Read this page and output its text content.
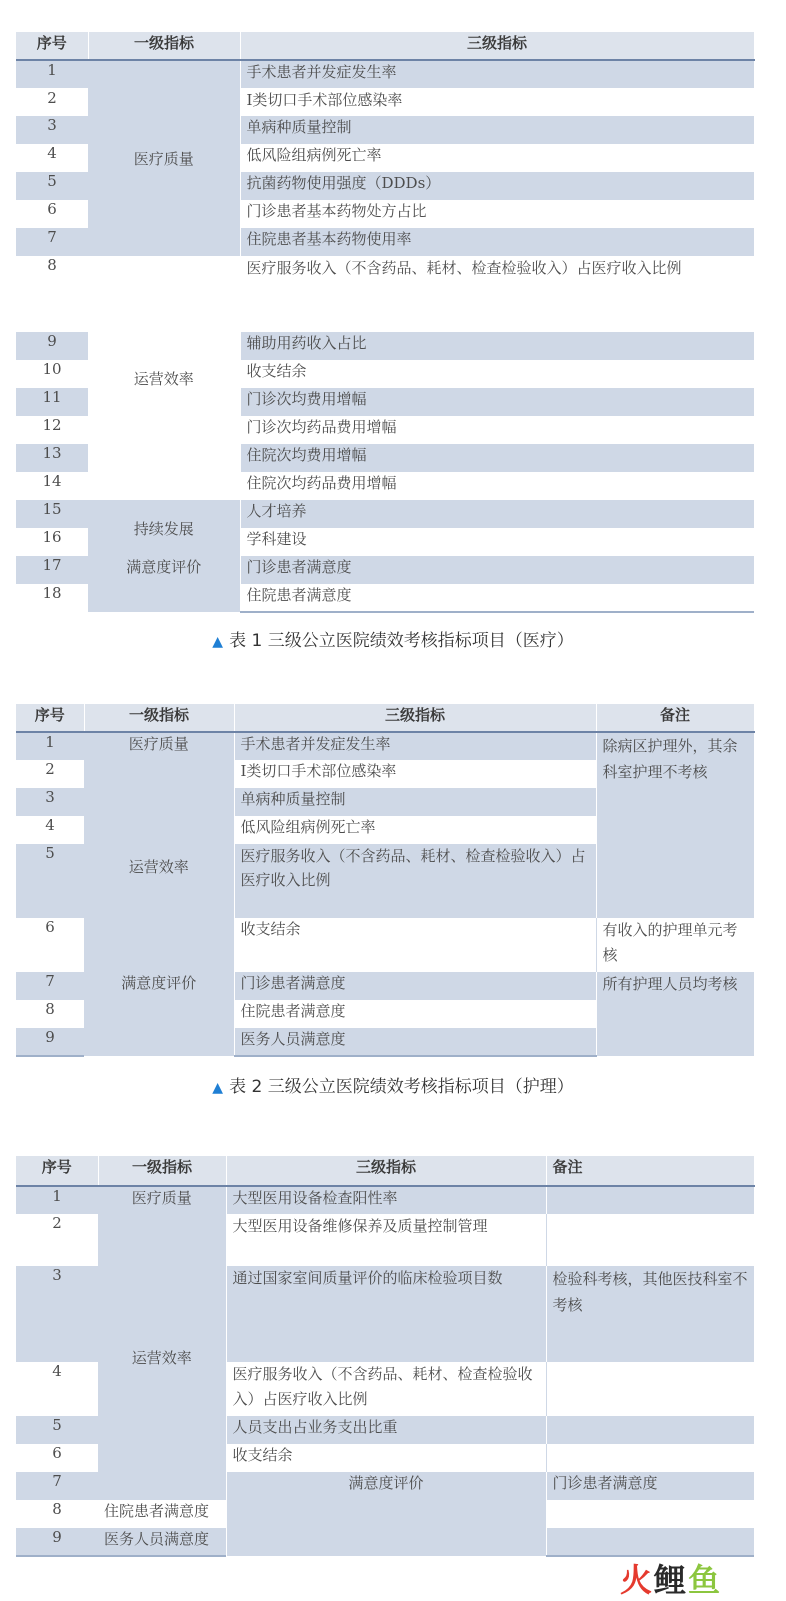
序号	一级指标	三级指标
1	医疗质量	手术患者并发症发生率
2		Ⅰ类切口手术部位感染率
3		单病种质量控制
4		低风险组病例死亡率
5		抗菌药物使用强度（DDDs）
6		门诊患者基本药物处方占比
7		住院患者基本药物使用率
8	运营效率	医疗服务收入（不含药品、耗材、检查检验收入）占医疗收入比例
9		辅助用药收入占比
10		收支结余
11		门诊次均费用增幅
12		门诊次均药品费用增幅
13		住院次均费用增幅
14		住院次均药品费用增幅
15	持续发展	人才培养
16		学科建设
17	满意度评价	门诊患者满意度
18		住院患者满意度
▲ 表 1 三级公立医院绩效考核指标项目（医疗）
序号	一级指标	三级指标	备注
1	医疗质量	手术患者并发症发生率	除病区护理外，其余科室护理不考核
2	运营效率	Ⅰ类切口手术部位感染率	
3		单病种质量控制	
4		低风险组病例死亡率	
5		医疗服务收入（不含药品、耗材、检查检验收入）占医疗收入比例	
6		收支结余	有收入的护理单元考核
7	满意度评价	门诊患者满意度	所有护理人员均考核
8		住院患者满意度	
9		医务人员满意度	
▲ 表 2 三级公立医院绩效考核指标项目（护理）
序号	一级指标	三级指标	备注	
1	医疗质量	大型医用设备检查阳性率		
2	运营效率	大型医用设备维修保养及质量控制管理		
3		通过国家室间质量评价的临床检验项目数	检验科考核，其他医技科室不考核	
4		医疗服务收入（不含药品、耗材、检查检验收入）占医疗收入比例		
5		人员支出占业务支出比重		
6		收支结余		
7		满意度评价	门诊患者满意度	
8	住院患者满意度			
9	医务人员满意度			
火鲤鱼
